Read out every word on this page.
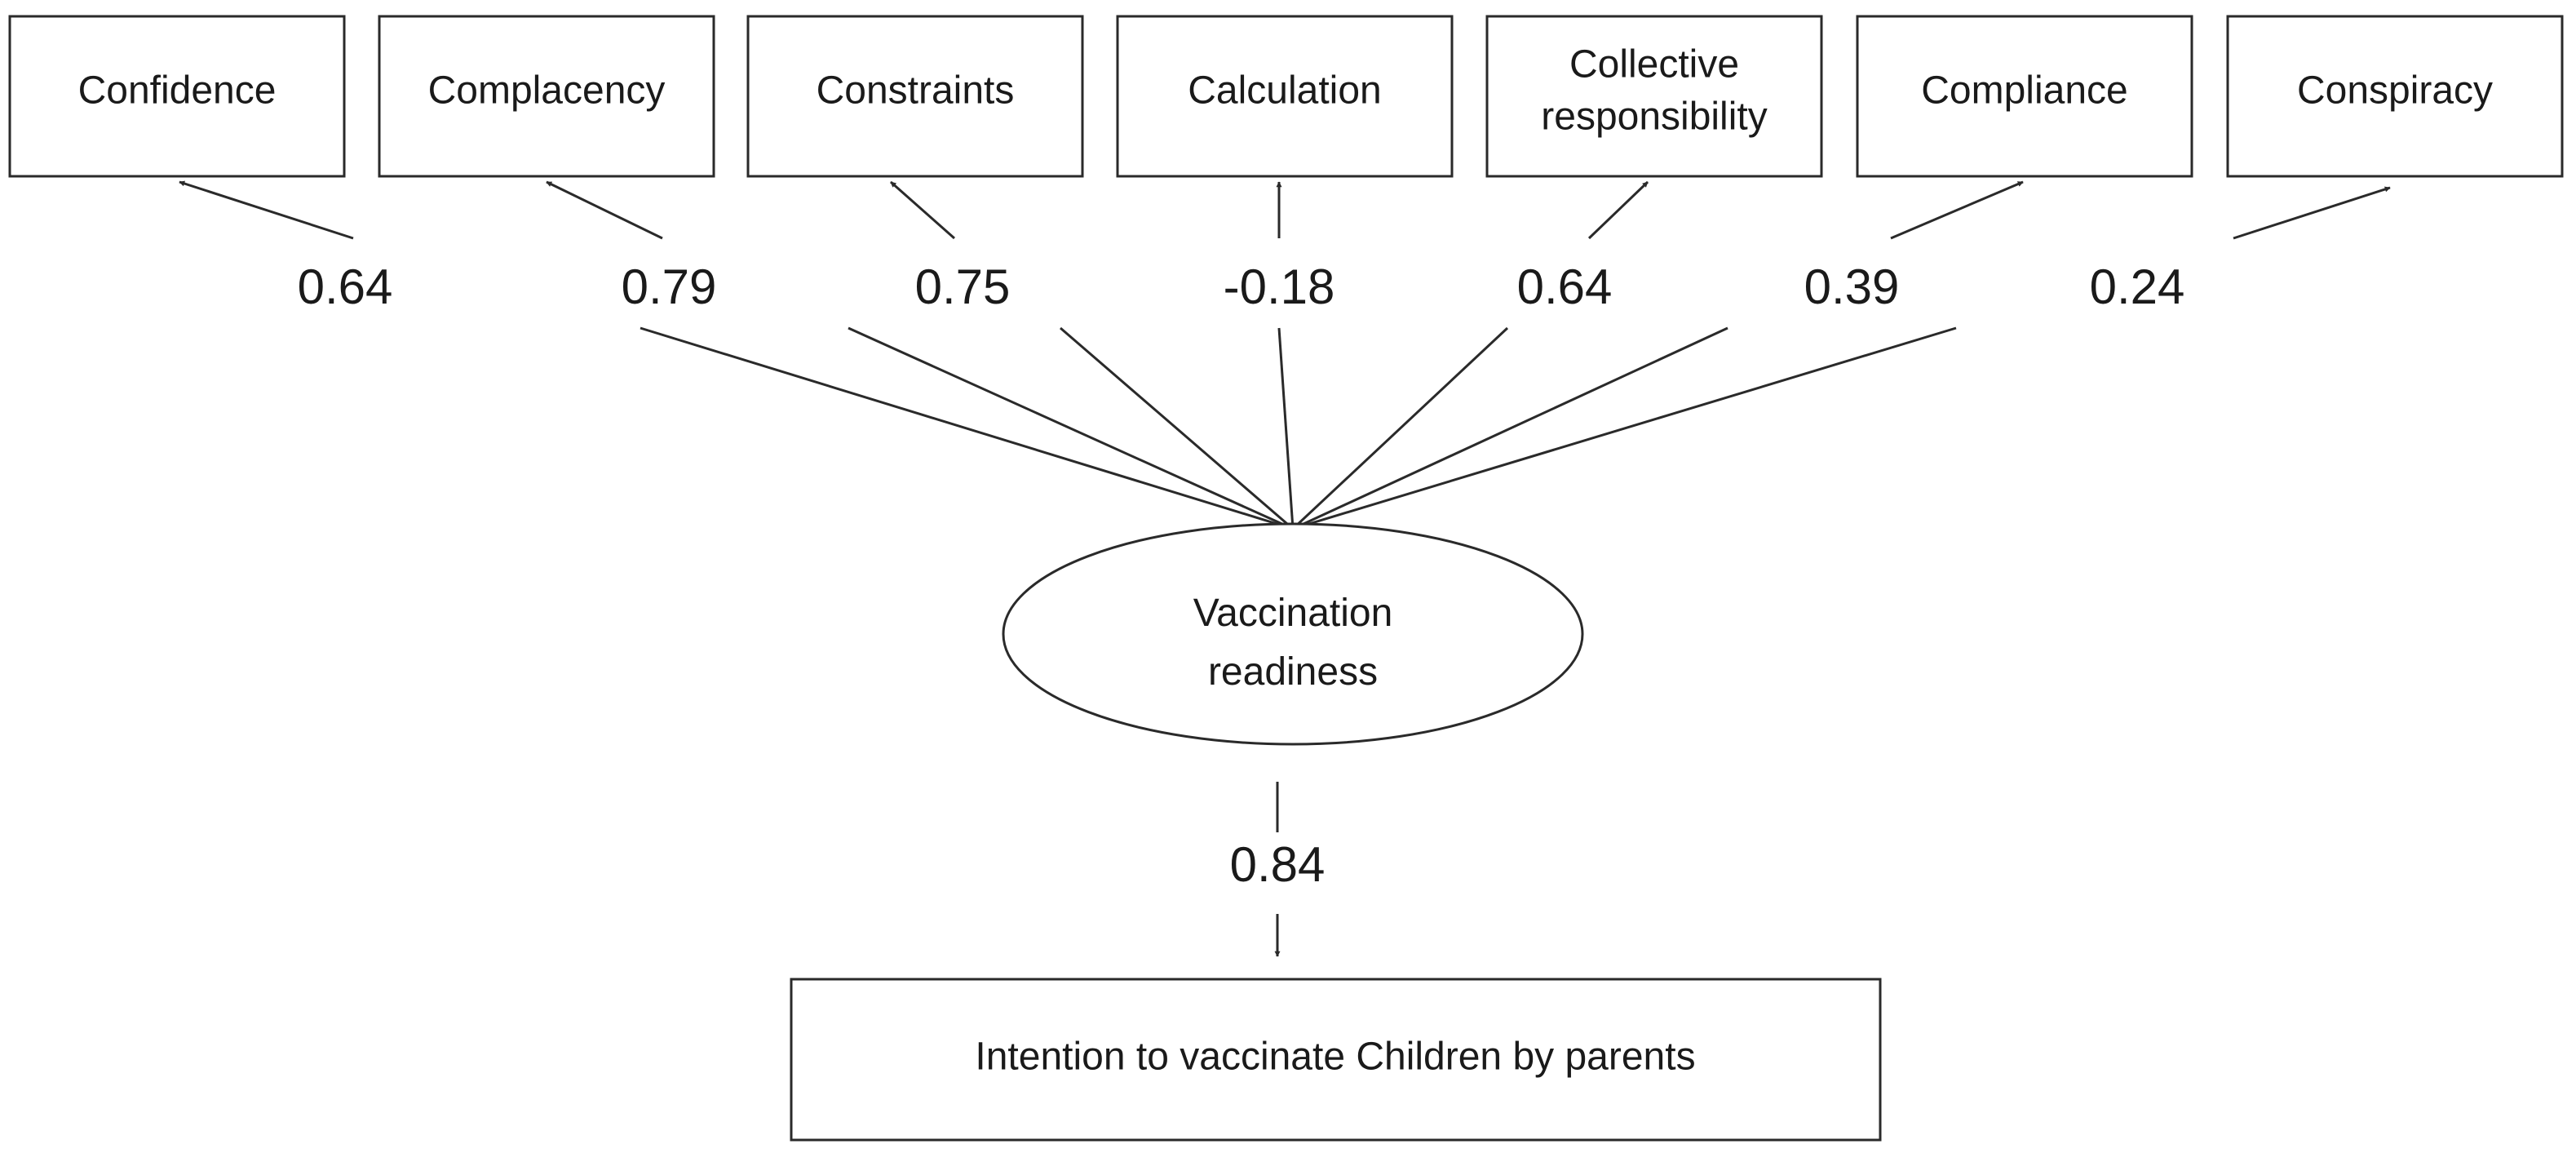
Confidence	Complacency	Constraints	Calculation
Collective
responsibility
Compliance	Conspiracy
0.64	0.79	0.75	-0.18	0.64	0.39	0.24
Vaccination
readiness
0.84
Intention to vaccinate Children by parents
